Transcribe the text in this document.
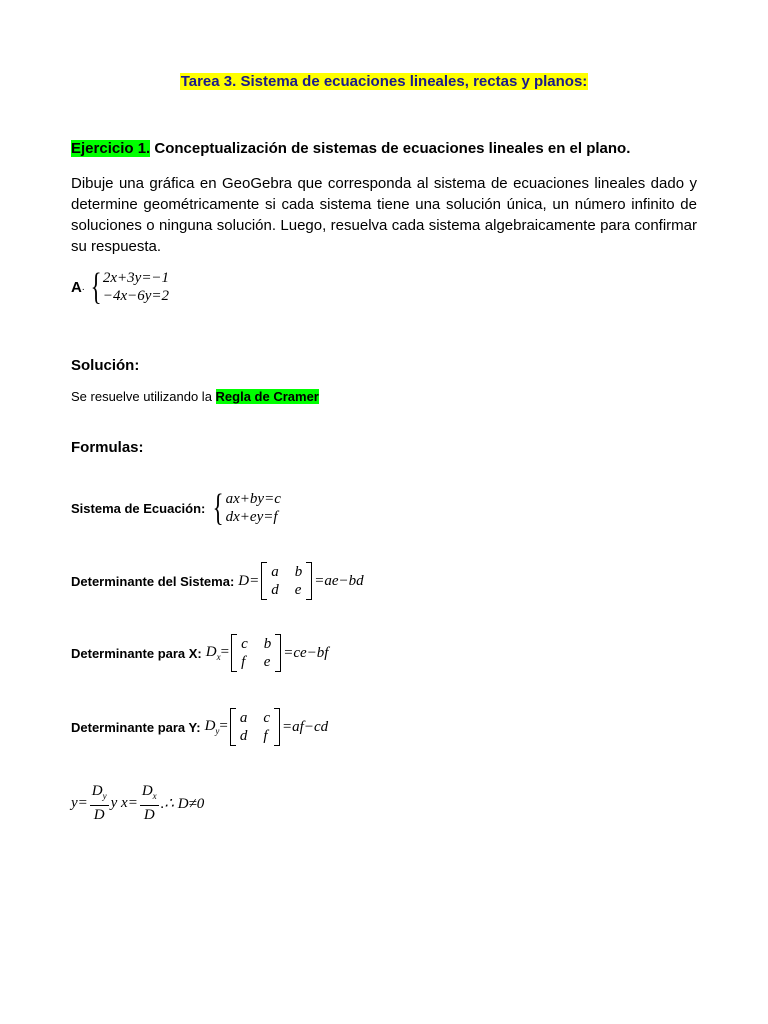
Tarea 3. Sistema de ecuaciones lineales, rectas y planos:
Ejercicio 1. Conceptualización de sistemas de ecuaciones lineales en el plano.
Dibuje una gráfica en GeoGebra que corresponda al sistema de ecuaciones lineales dado y determine geométricamente si cada sistema tiene una solución única, un número infinito de soluciones o ninguna solución. Luego, resuelva cada sistema algebraicamente para confirmar su respuesta.
A . { 2x+3y=−1
−4x−6y=2
Solución:
Se resuelve utilizando la Regla de Cramer
Formulas:
Sistema de Ecuación: { ax+by=c
dx+ey=f
Determinante del Sistema: D=
a b
d e
=ae−bd
Determinante para X: $D_x= c$ b
f e
=ce−bf
Determinante para Y: $D_y= a$ c
d f
=af−cd
$y= \frac{D_y}{D}$ y $x= \frac{D_x}{D}$ .∴ D≠0
